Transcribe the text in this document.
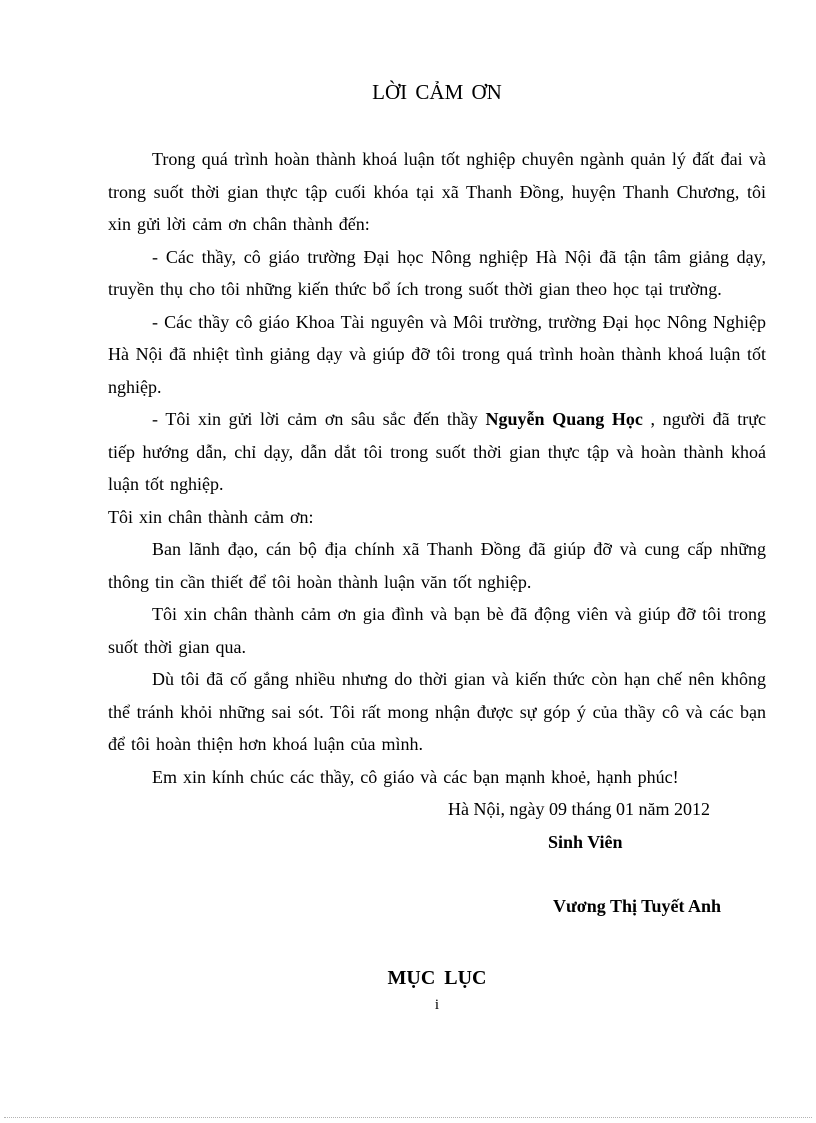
LỜI CẢM ƠN

Trong quá trình hoàn thành khoá luận tốt nghiệp chuyên ngành quản lý đất đai và trong suốt thời gian thực tập cuối khóa tại xã Thanh Đồng, huyện Thanh Chương, tôi xin gửi lời cảm ơn chân thành đến:

- Các thầy, cô giáo trường Đại học Nông nghiệp Hà Nội đã tận tâm giảng dạy, truyền thụ cho tôi những kiến thức bổ ích trong suốt thời gian theo học tại trường.

- Các thầy cô giáo Khoa Tài nguyên và Môi trường, trường Đại học Nông Nghiệp Hà Nội đã nhiệt tình giảng dạy và giúp đỡ tôi trong quá trình hoàn thành khoá luận tốt nghiệp.

- Tôi xin gửi lời cảm ơn sâu sắc đến thầy Nguyễn Quang Học , người đã trực tiếp hướng dẫn, chỉ dạy, dẫn dắt tôi trong suốt thời gian thực tập và hoàn thành khoá luận tốt nghiệp.

Tôi xin chân thành cảm ơn:

Ban lãnh đạo, cán bộ địa chính xã Thanh Đồng đã giúp đỡ và cung cấp những thông tin cần thiết để tôi hoàn thành luận văn tốt nghiệp.

Tôi xin chân thành cảm ơn gia đình và bạn bè đã động viên và giúp đỡ tôi trong suốt thời gian qua.

Dù tôi đã cố gắng nhiều nhưng do thời gian và kiến thức còn hạn chế nên không thể tránh khỏi những sai sót. Tôi rất mong nhận được sự góp ý của thầy cô và các bạn để tôi hoàn thiện hơn khoá luận của mình.

Em xin kính chúc các thầy, cô giáo và các bạn mạnh khoẻ, hạnh phúc!

Hà Nội, ngày 09 tháng 01 năm 2012
Sinh Viên
Vương Thị Tuyết Anh
MỤC LỤC
i
